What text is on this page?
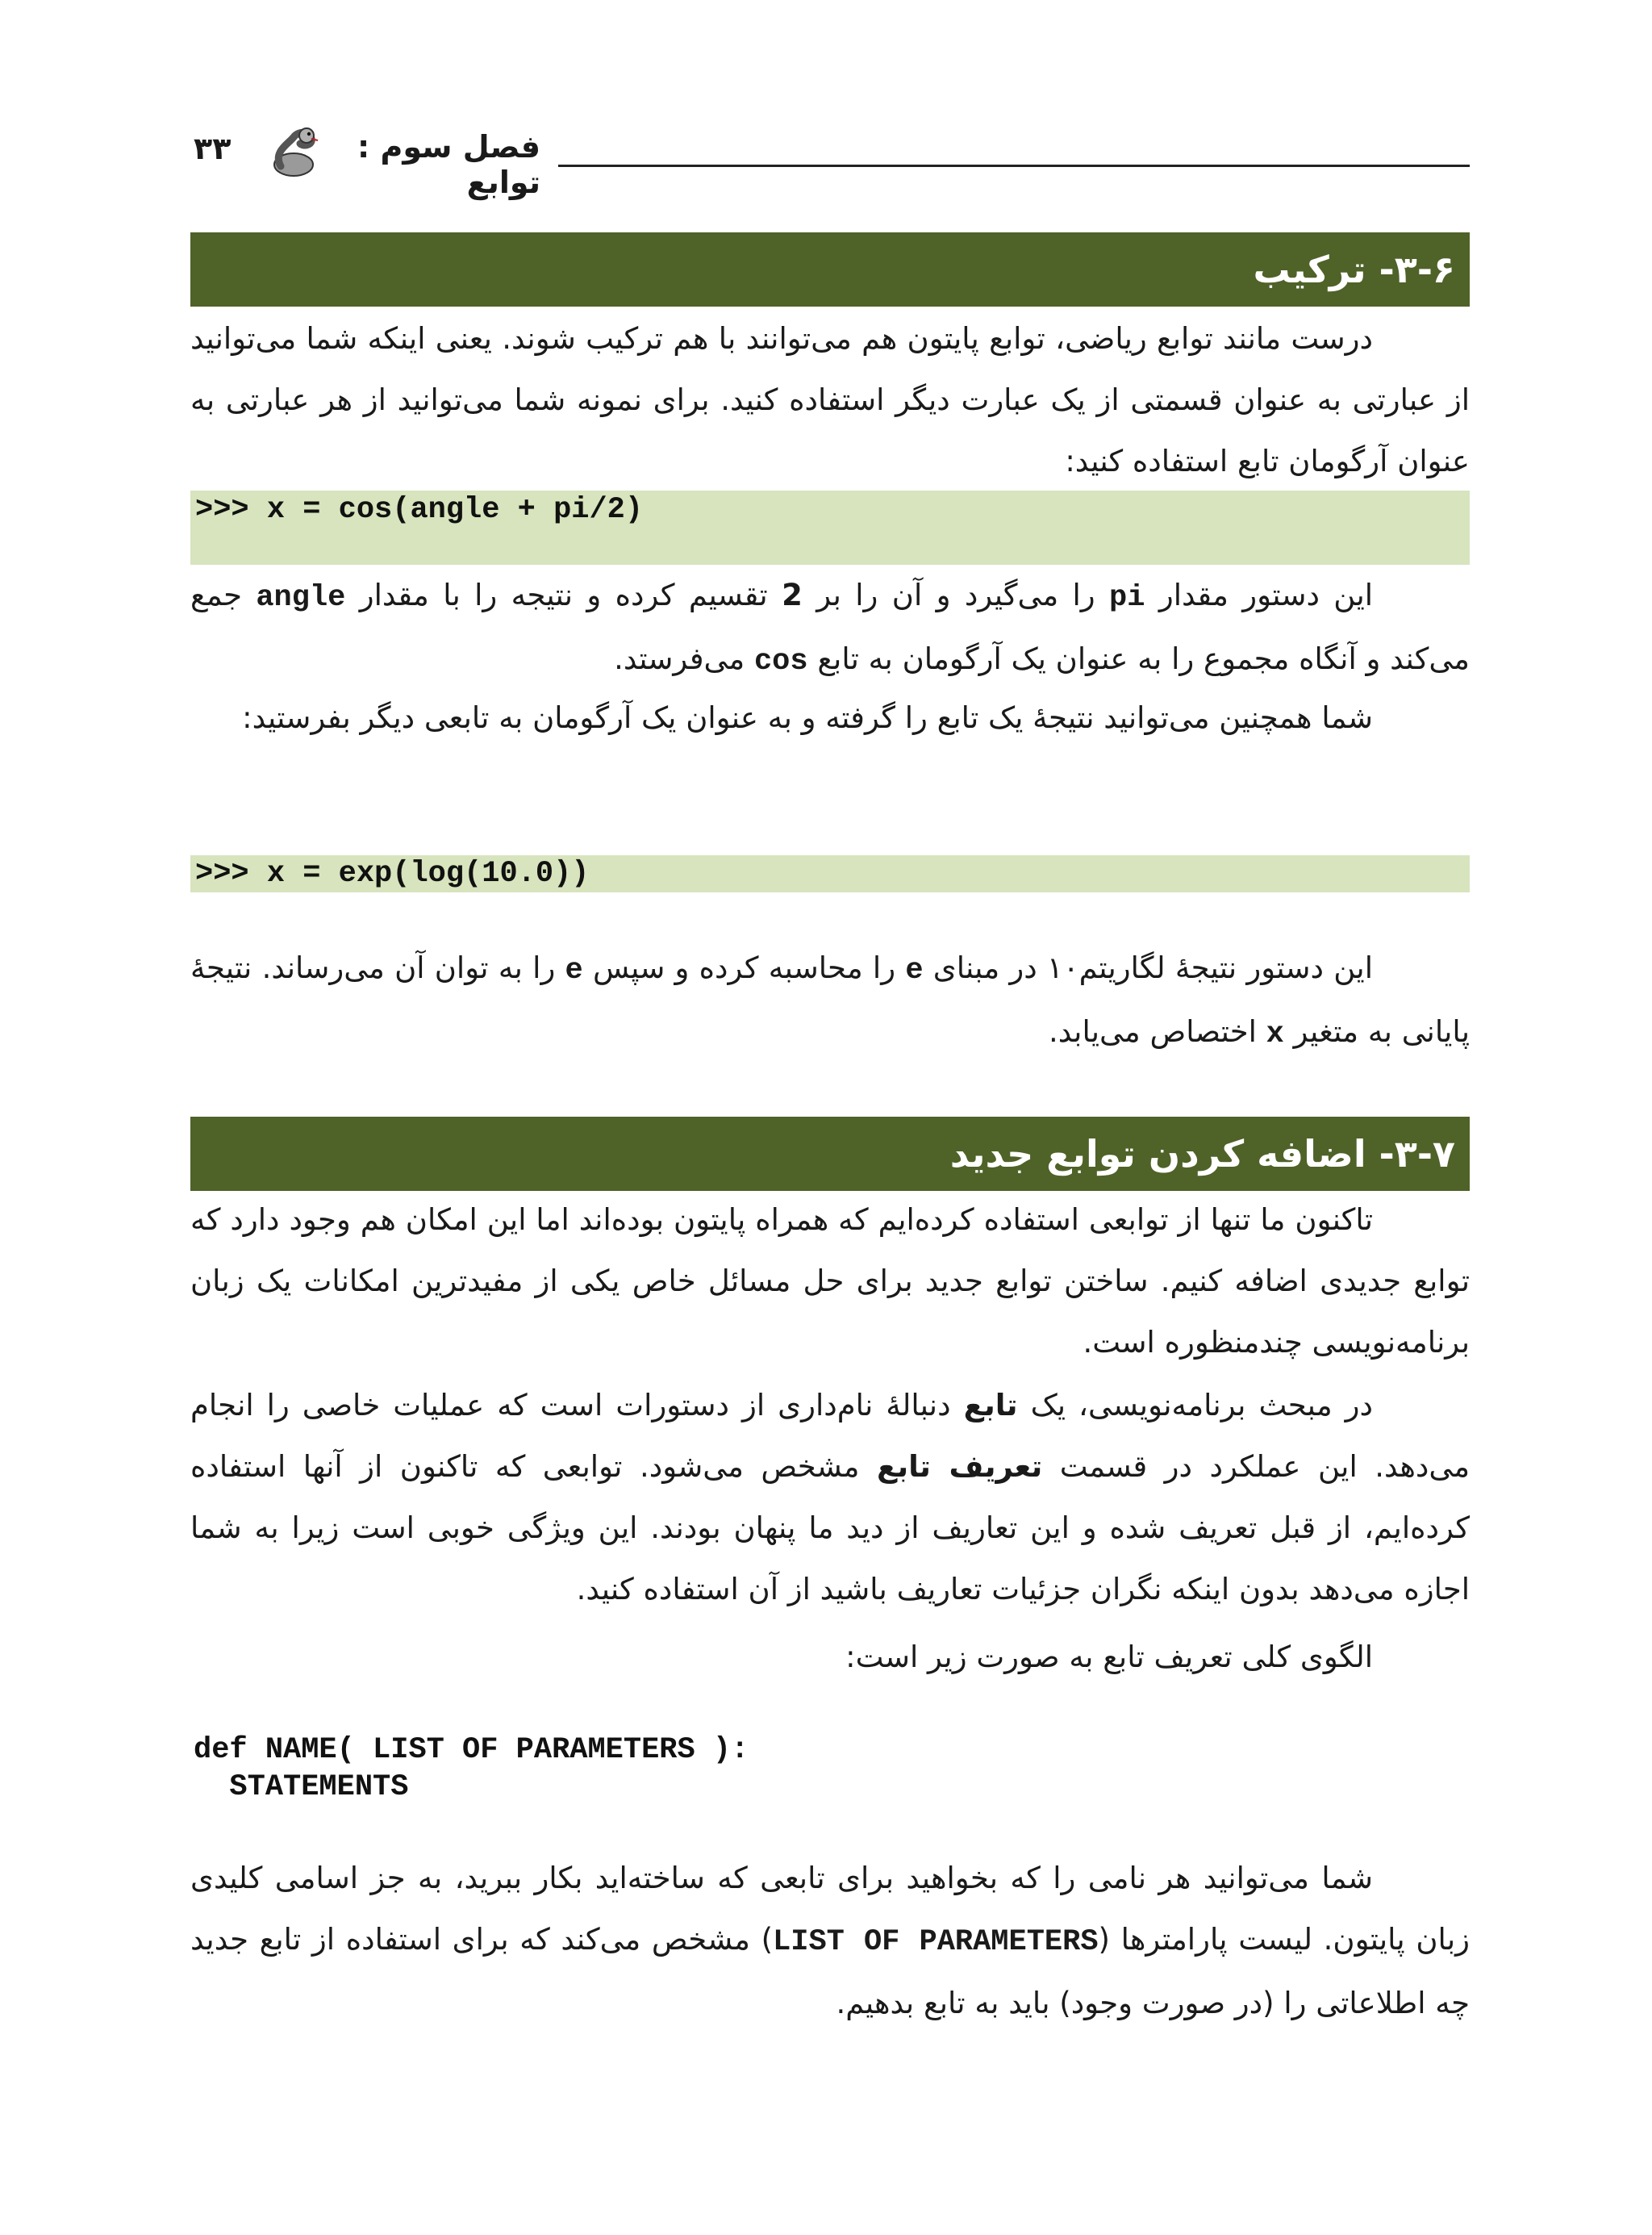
۳۳	فصل سوم : توابع
۳-۶- ترکیب

درست مانند توابع ریاضی، توابع پایتون هم می‌توانند با هم ترکیب شوند. یعنی اینکه شما می‌توانید از عبارتی به عنوان قسمتی از یک عبارت دیگر استفاده کنید. برای نمونه شما می‌توانید از هر عبارتی به عنوان آرگومان تابع استفاده کنید:

>>> x = cos(angle + pi/2)

این دستور مقدار pi را می‌گیرد و آن را بر 2 تقسیم کرده و نتیجه را با مقدار angle جمع می‌کند و آنگاه مجموع را به عنوان یک آرگومان به تابع cos می‌فرستد.

شما همچنین می‌توانید نتیجهٔ یک تابع را گرفته و به عنوان یک آرگومان به تابعی دیگر بفرستید:

>>> x = exp(log(10.0))

این دستور نتیجهٔ لگاریتم۱۰ در مبنای e را محاسبه کرده و سپس e را به توان آن می‌رساند. نتیجهٔ پایانی به متغیر x اختصاص می‌یابد.

۳-۷- اضافه کردن توابع جدید

تاکنون ما تنها از توابعی استفاده کرده‌ایم که همراه پایتون بوده‌اند اما این امکان هم وجود دارد که توابع جدیدی اضافه کنیم. ساختن توابع جدید برای حل مسائل خاص یکی از مفیدترین امکانات یک زبان برنامه‌نویسی چندمنظوره است.

در مبحث برنامه‌نویسی، یک تابع دنبالهٔ نام‌داری از دستورات است که عملیات خاصی را انجام می‌دهد. این عملکرد در قسمت تعریف تابع مشخص می‌شود. توابعی که تاکنون از آنها استفاده کرده‌ایم، از قبل تعریف شده و این تعاریف از دید ما پنهان بودند. این ویژگی خوبی است زیرا به شما اجازه می‌دهد بدون اینکه نگران جزئیات تعاریف باشید از آن استفاده کنید.

الگوی کلی تعریف تابع به صورت زیر است:

def NAME( LIST OF PARAMETERS ):
STATEMENTS

شما می‌توانید هر نامی را که بخواهید برای تابعی که ساخته‌اید بکار ببرید، به جز اسامی کلیدی زبان پایتون. لیست پارامترها (LIST OF PARAMETERS) مشخص می‌کند که برای استفاده از تابع جدید چه اطلاعاتی را (در صورت وجود) باید به تابع بدهیم.
